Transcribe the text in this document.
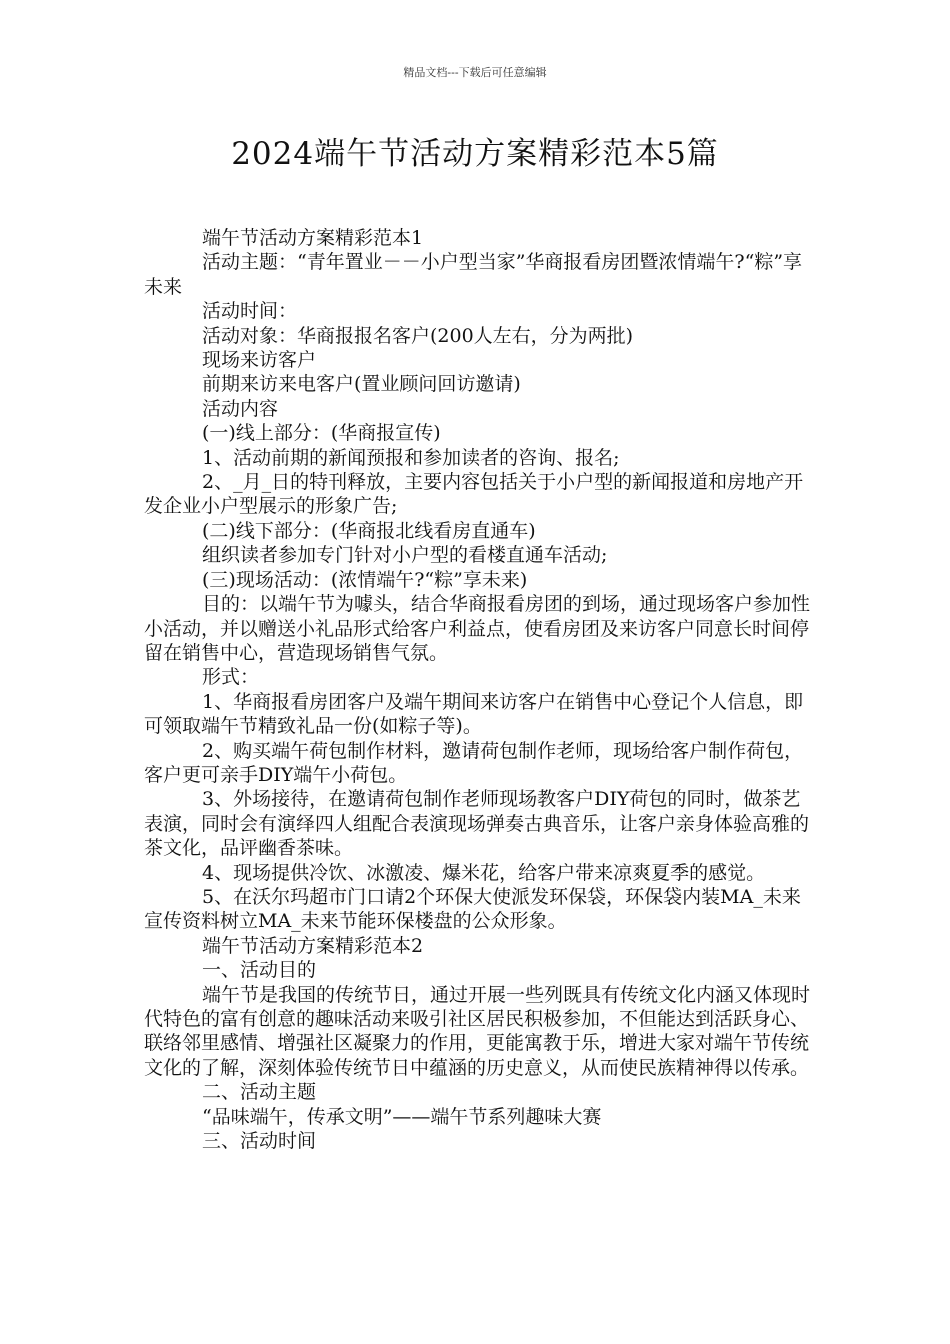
精品文档---下载后可任意编辑
2024端午节活动方案精彩范本5篇

端午节活动方案精彩范本1

活动主题：“青年置业－－小户型当家”华商报看房团暨浓情端午?“粽”享未来

活动时间：

活动对象：华商报报名客户(200人左右，分为两批)

现场来访客户

前期来访来电客户(置业顾问回访邀请)

活动内容

(一)线上部分：(华商报宣传)

1、活动前期的新闻预报和参加读者的咨询、报名;

2、_月_日的特刊释放，主要内容包括关于小户型的新闻报道和房地产开发企业小户型展示的形象广告;

(二)线下部分：(华商报北线看房直通车)

组织读者参加专门针对小户型的看楼直通车活动;

(三)现场活动：(浓情端午?“粽”享未来)

目的：以端午节为噱头，结合华商报看房团的到场，通过现场客户参加性小活动，并以赠送小礼品形式给客户利益点，使看房团及来访客户同意长时间停留在销售中心，营造现场销售气氛。

形式：

1、华商报看房团客户及端午期间来访客户在销售中心登记个人信息，即可领取端午节精致礼品一份(如粽子等)。

2、购买端午荷包制作材料，邀请荷包制作老师，现场给客户制作荷包，客户更可亲手DIY端午小荷包。

3、外场接待，在邀请荷包制作老师现场教客户DIY荷包的同时，做茶艺表演，同时会有演绎四人组配合表演现场弹奏古典音乐，让客户亲身体验高雅的茶文化，品评幽香茶味。

4、现场提供冷饮、冰激凌、爆米花，给客户带来凉爽夏季的感觉。

5、在沃尔玛超市门口请2个环保大使派发环保袋，环保袋内装MA_未来宣传资料树立MA_未来节能环保楼盘的公众形象。

端午节活动方案精彩范本2

一、活动目的

端午节是我国的传统节日，通过开展一些列既具有传统文化内涵又体现时代特色的富有创意的趣味活动来吸引社区居民积极参加，不但能达到活跃身心、联络邻里感情、增强社区凝聚力的作用，更能寓教于乐，增进大家对端午节传统文化的了解，深刻体验传统节日中蕴涵的历史意义，从而使民族精神得以传承。

二、活动主题

“品味端午，传承文明”——端午节系列趣味大赛

三、活动时间
